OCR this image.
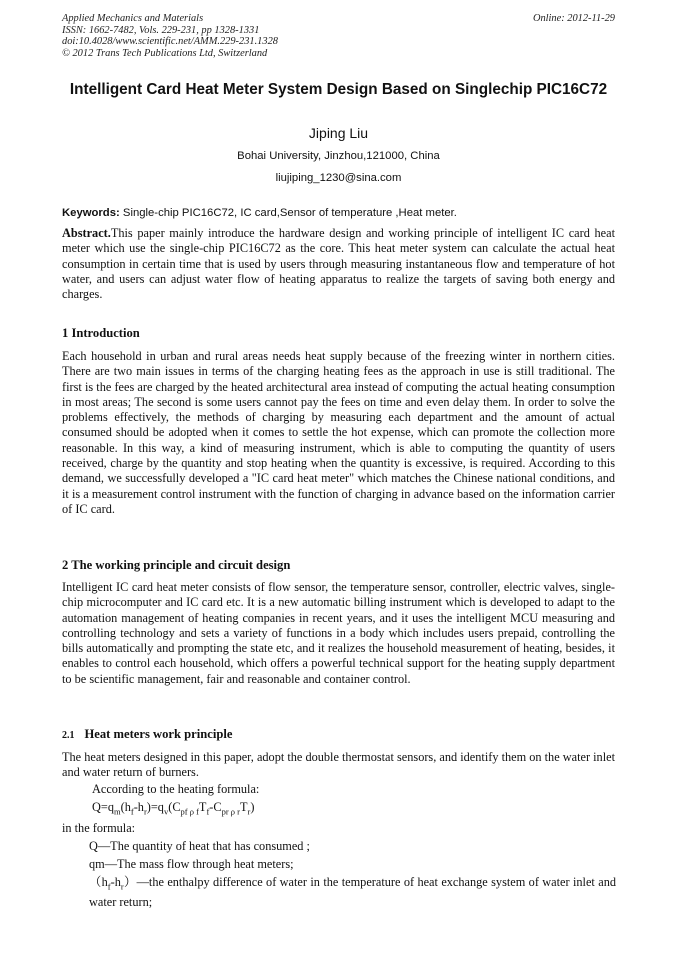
Applied Mechanics and Materials
ISSN: 1662-7482, Vols. 229-231, pp 1328-1331
doi:10.4028/www.scientific.net/AMM.229-231.1328
© 2012 Trans Tech Publications Ltd, Switzerland
Online: 2012-11-29
Intelligent Card Heat Meter System Design Based on Singlechip PIC16C72
Jiping Liu
Bohai University, Jinzhou,121000, China
liujiping_1230@sina.com
Keywords: Single-chip PIC16C72, IC card,Sensor of temperature ,Heat meter.
Abstract.This paper mainly introduce the hardware design and working principle of intelligent IC card heat meter which use the single-chip PIC16C72 as the core. This heat meter system can calculate the actual heat consumption in certain time that is used by users through measuring instantaneous flow and temperature of hot water, and users can adjust water flow of heating apparatus to realize the targets of saving both energy and charges.
1 Introduction
Each household in urban and rural areas needs heat supply because of the freezing winter in northern cities. There are two main issues in terms of the charging heating fees as the approach in use is still traditional. The first is the fees are charged by the heated architectural area instead of computing the actual heating consumption in most areas; The second is some users cannot pay the fees on time and even delay them. In order to solve the problems effectively, the methods of charging by measuring each department and the amount of actual consumed should be adopted when it comes to settle the hot expense, which can promote the collection more reasonable. In this way, a kind of measuring instrument, which is able to computing the quantity of users received, charge by the quantity and stop heating when the quantity is excessive, is required. According to this demand, we successfully developed a "IC card heat meter" which matches the Chinese national conditions, and it is a measurement control instrument with the function of charging in advance based on the information carrier of IC card.
2 The working principle and circuit design
Intelligent IC card heat meter consists of flow sensor, the temperature sensor, controller, electric valves, single-chip microcomputer and IC card etc. It is a new automatic billing instrument which is developed to adapt to the automation management of heating companies in recent years, and it uses the intelligent MCU measuring and controlling technology and sets a variety of functions in a body which includes users prepaid, controlling the bills automatically and prompting the state etc, and it realizes the household measurement of heating, besides, it enables to control each household, which offers a powerful technical support for the heating supply department to be scientific management, fair and reasonable and container control.
2.1 Heat meters work principle
The heat meters designed in this paper, adopt the double thermostat sensors, and identify them on the water inlet and water return of burners.
According to the heating formula:
$Q=q_m(h_f-h_r)=q_v(C_{pf \rho f}T_f-C_{pr \rho r}T_r)$
in the formula:
Q—The quantity of heat that has consumed ;
qm—The mass flow through heat meters;
$(h_f-h_r)—the$ enthalpy difference of water in the temperature of heat exchange system of water inlet and water return;
